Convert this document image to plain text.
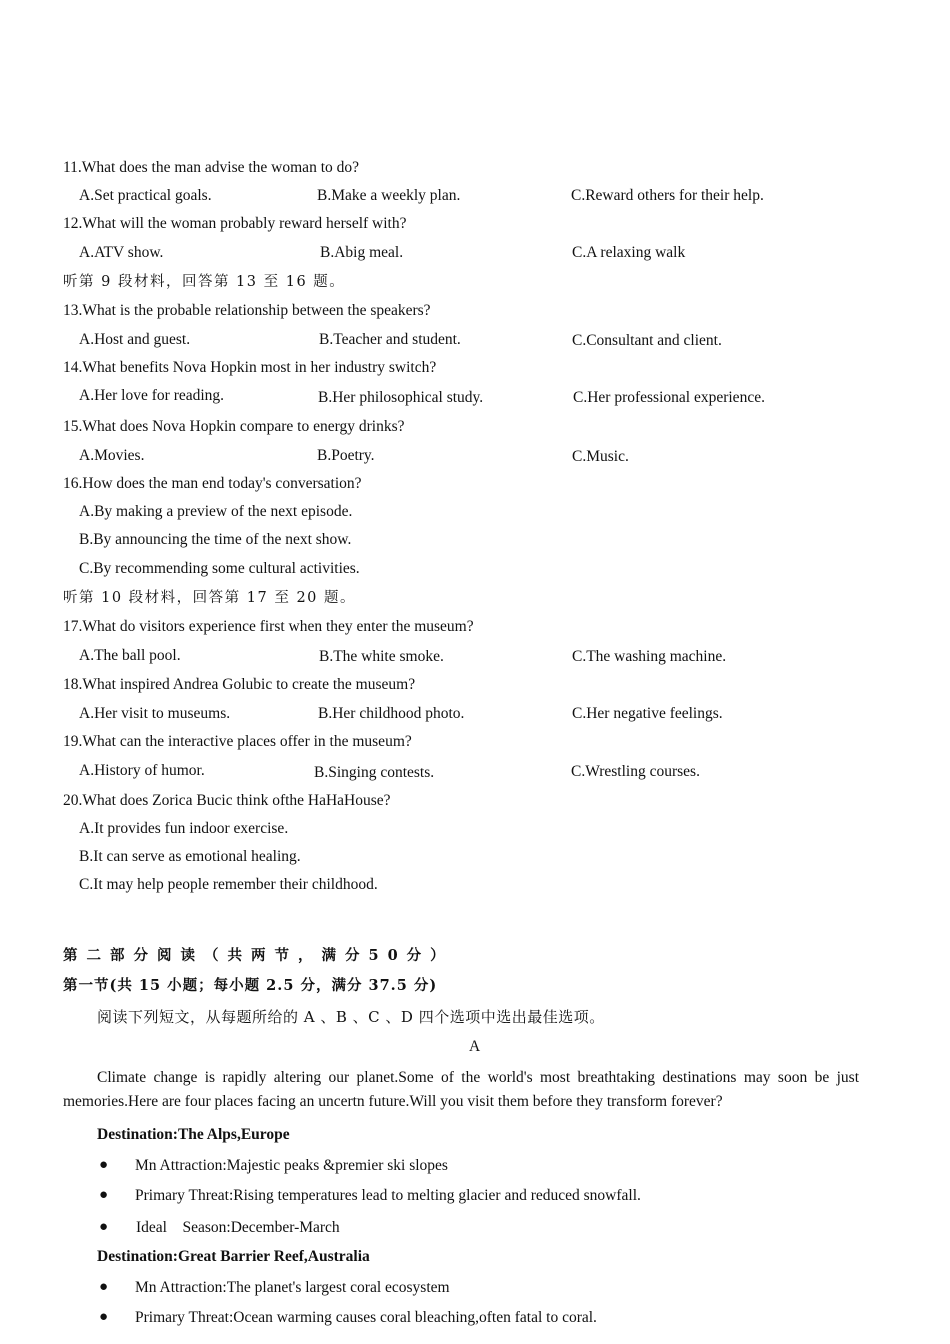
11.What does the man advise the woman to do?
A.Set practical goals.	B.Make a weekly plan.	C.Reward others for their help.
12.What will the woman probably reward herself with?
A.ATV show.	B.Abig meal.	C.A relaxing walk
听第 9 段材料，回答第 13 至 16 题。
13.What is the probable relationship between the speakers?
A.Host and guest.	B.Teacher and student.	C.Consultant and client.
14.What benefits Nova Hopkin most in her industry switch?
A.Her love for reading.	B.Her philosophical study.	C.Her professional experience.
15.What does Nova Hopkin compare to energy drinks?
A.Movies.	B.Poetry.	C.Music.
16.How does the man end today's conversation?
A.By making a preview of the next episode.
B.By announcing the time of the next show.
C.By recommending some cultural activities.
听第 10 段材料，回答第 17 至 20 题。
17.What do visitors experience first when they enter the museum?
A.The ball pool.	B.The white smoke.	C.The washing machine.
18.What inspired Andrea Golubic to create the museum?
A.Her visit to museums.	B.Her childhood photo.	C.Her negative feelings.
19.What can the interactive places offer in the museum?
A.History of humor.	B.Singing contests.	C.Wrestling courses.
20.What does Zorica Bucic think ofthe HaHaHouse?
A.It provides fun indoor exercise.
B.It can serve as emotional healing.
C.It may help people remember their childhood.
第二部分阅读（共两节，满分50分）
第一节(共 15 小题；每小题 2.5 分，满分 37.5 分)
阅读下列短文，从每题所给的 A 、B 、C 、D 四个选项中选出最佳选项。
A
Climate change is rapidly altering our planet.Some of the world's most breathtaking destinations may soon be just memories.Here are four places facing an uncertn future.Will you visit them before they transform forever?
Destination:The Alps,Europe
● Mn Attraction:Majestic peaks &premier ski slopes
● Primary Threat:Rising temperatures lead to melting glacier and reduced snowfall.
● Ideal    Season:December-March
Destination:Great Barrier Reef,Australia
● Mn Attraction:The planet's largest coral ecosystem
● Primary Threat:Ocean warming causes coral bleaching,often fatal to coral.
